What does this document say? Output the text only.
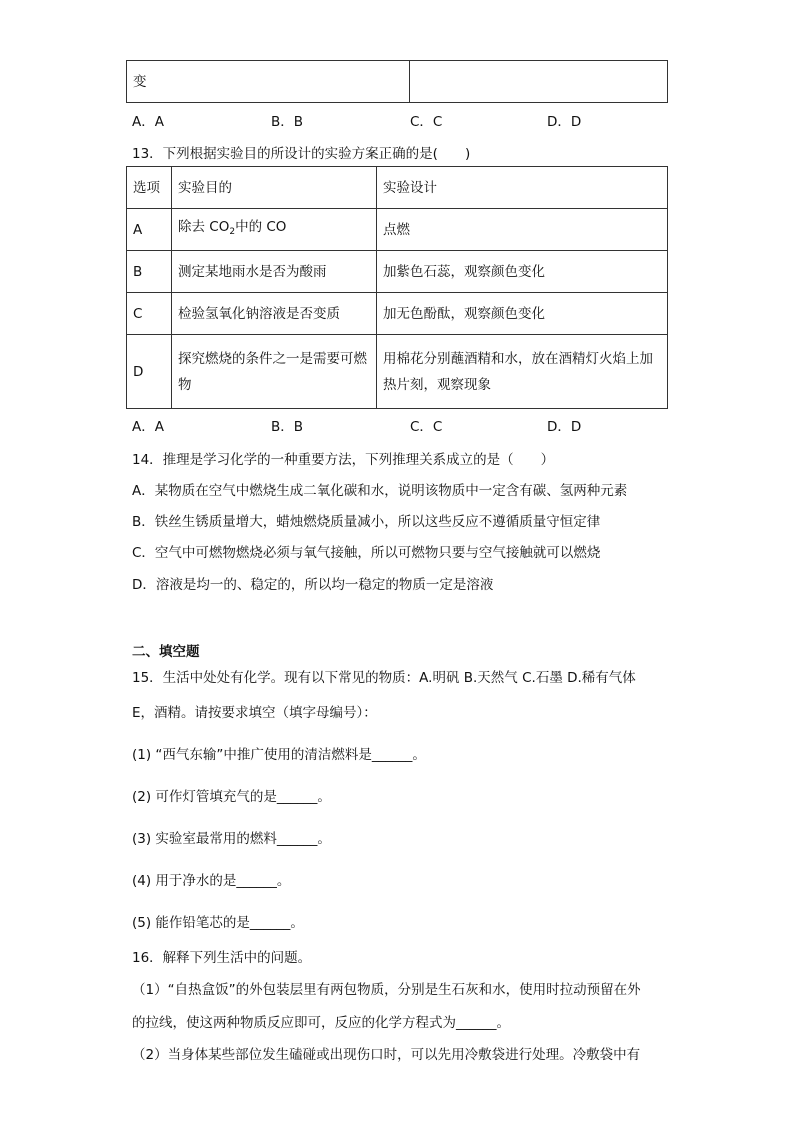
变	
A．A	B．B	C．C	D．D
13．下列根据实验目的所设计的实验方案正确的是(　　)
选项	实验目的	实验设计
A	除去 $CO_2$中的 CO	点燃
B	测定某地雨水是否为酸雨	加紫色石蕊，观察颜色变化
C	检验氢氧化钠溶液是否变质	加无色酚酞，观察颜色变化
D	探究燃烧的条件之一是需要可燃物	用棉花分别蘸酒精和水，放在酒精灯火焰上加热片刻，观察现象
A．A	B．B	C．C	D．D
14．推理是学习化学的一种重要方法，下列推理关系成立的是（　　）
A．某物质在空气中燃烧生成二氧化碳和水，说明该物质中一定含有碳、氢两种元素
B．铁丝生锈质量增大，蜡烛燃烧质量减小，所以这些反应不遵循质量守恒定律
C．空气中可燃物燃烧必须与氧气接触，所以可燃物只要与空气接触就可以燃烧
D．溶液是均一的、稳定的，所以均一稳定的物质一定是溶液
二、填空题
15．生活中处处有化学。现有以下常见的物质：A.明矾 B.天然气 C.石墨 D.稀有气体
E，酒精。请按要求填空（填字母编号）：
(1) “西气东输”中推广使用的清洁燃料是______。
(2) 可作灯管填充气的是______。
(3) 实验室最常用的燃料______。
(4) 用于净水的是______。
(5) 能作铅笔芯的是______。
16．解释下列生活中的问题。
（1）“自热盒饭”的外包装层里有两包物质，分别是生石灰和水，使用时拉动预留在外
的拉线，使这两种物质反应即可，反应的化学方程式为______。
（2）当身体某些部位发生磕碰或出现伤口时，可以先用冷敷袋进行处理。冷敷袋中有
